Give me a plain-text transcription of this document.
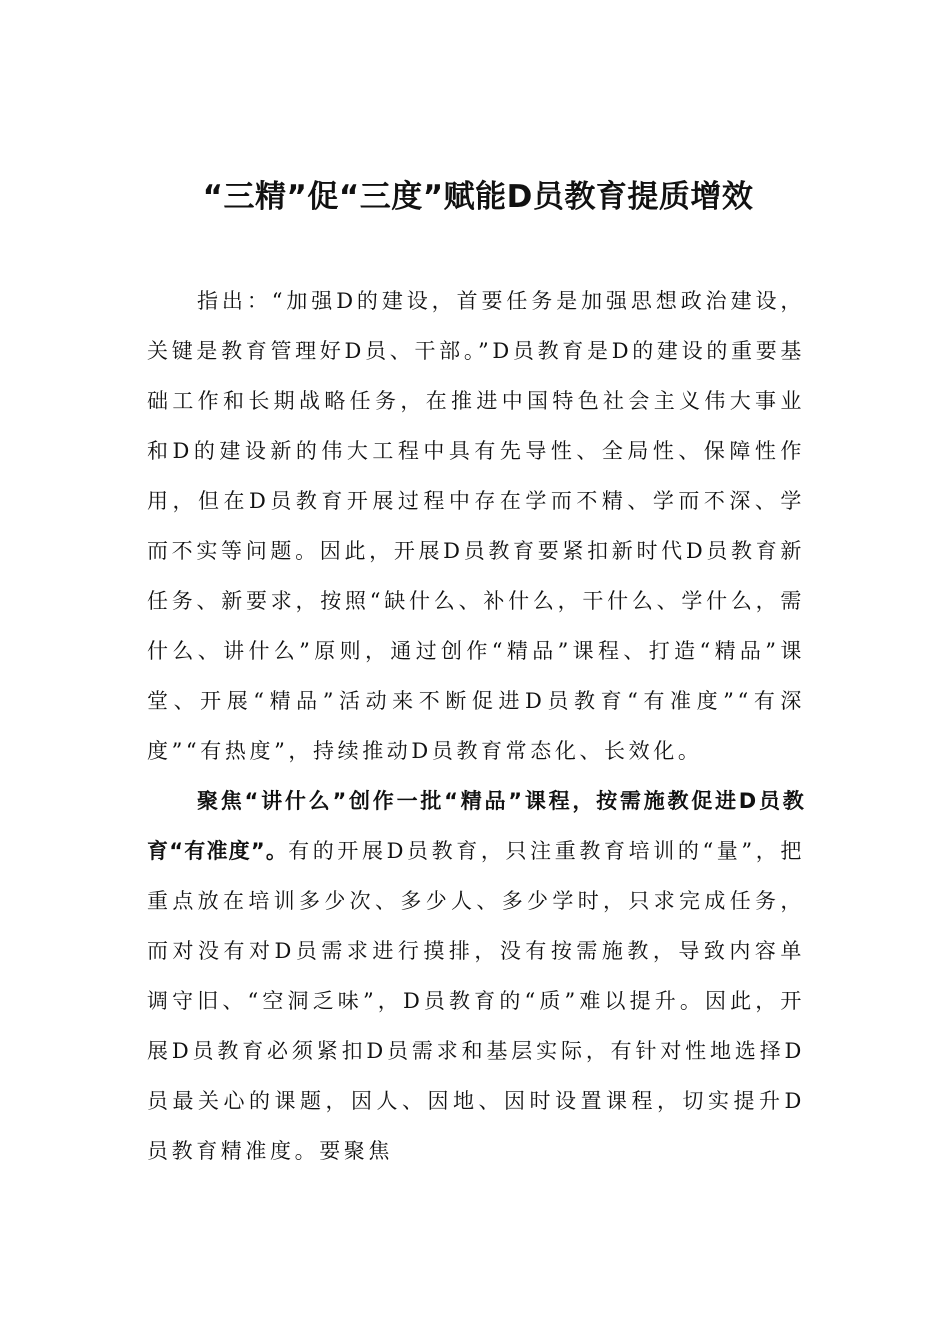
“三精”促“三度”赋能D员教育提质增效

指出：“加强D的建设，首要任务是加强思想政治建设，关键是教育管理好D员、干部。”D员教育是D的建设的重要基础工作和长期战略任务，在推进中国特色社会主义伟大事业和D的建设新的伟大工程中具有先导性、全局性、保障性作用，但在D员教育开展过程中存在学而不精、学而不深、学而不实等问题。因此，开展D员教育要紧扣新时代D员教育新任务、新要求，按照“缺什么、补什么，干什么、学什么，需什么、讲什么”原则，通过创作“精品”课程、打造“精品”课堂、开展“精品”活动来不断促进D员教育“有准度”“有深度”“有热度”，持续推动D员教育常态化、长效化。

聚焦“讲什么”创作一批“精品”课程，按需施教促进D员教育“有准度”。有的开展D员教育，只注重教育培训的“量”，把重点放在培训多少次、多少人、多少学时，只求完成任务，而对没有对D员需求进行摸排，没有按需施教，导致内容单调守旧、“空洞乏味”，D员教育的“质”难以提升。因此，开展D员教育必须紧扣D员需求和基层实际，有针对性地选择D员最关心的课题，因人、因地、因时设置课程，切实提升D员教育精准度。要聚焦
